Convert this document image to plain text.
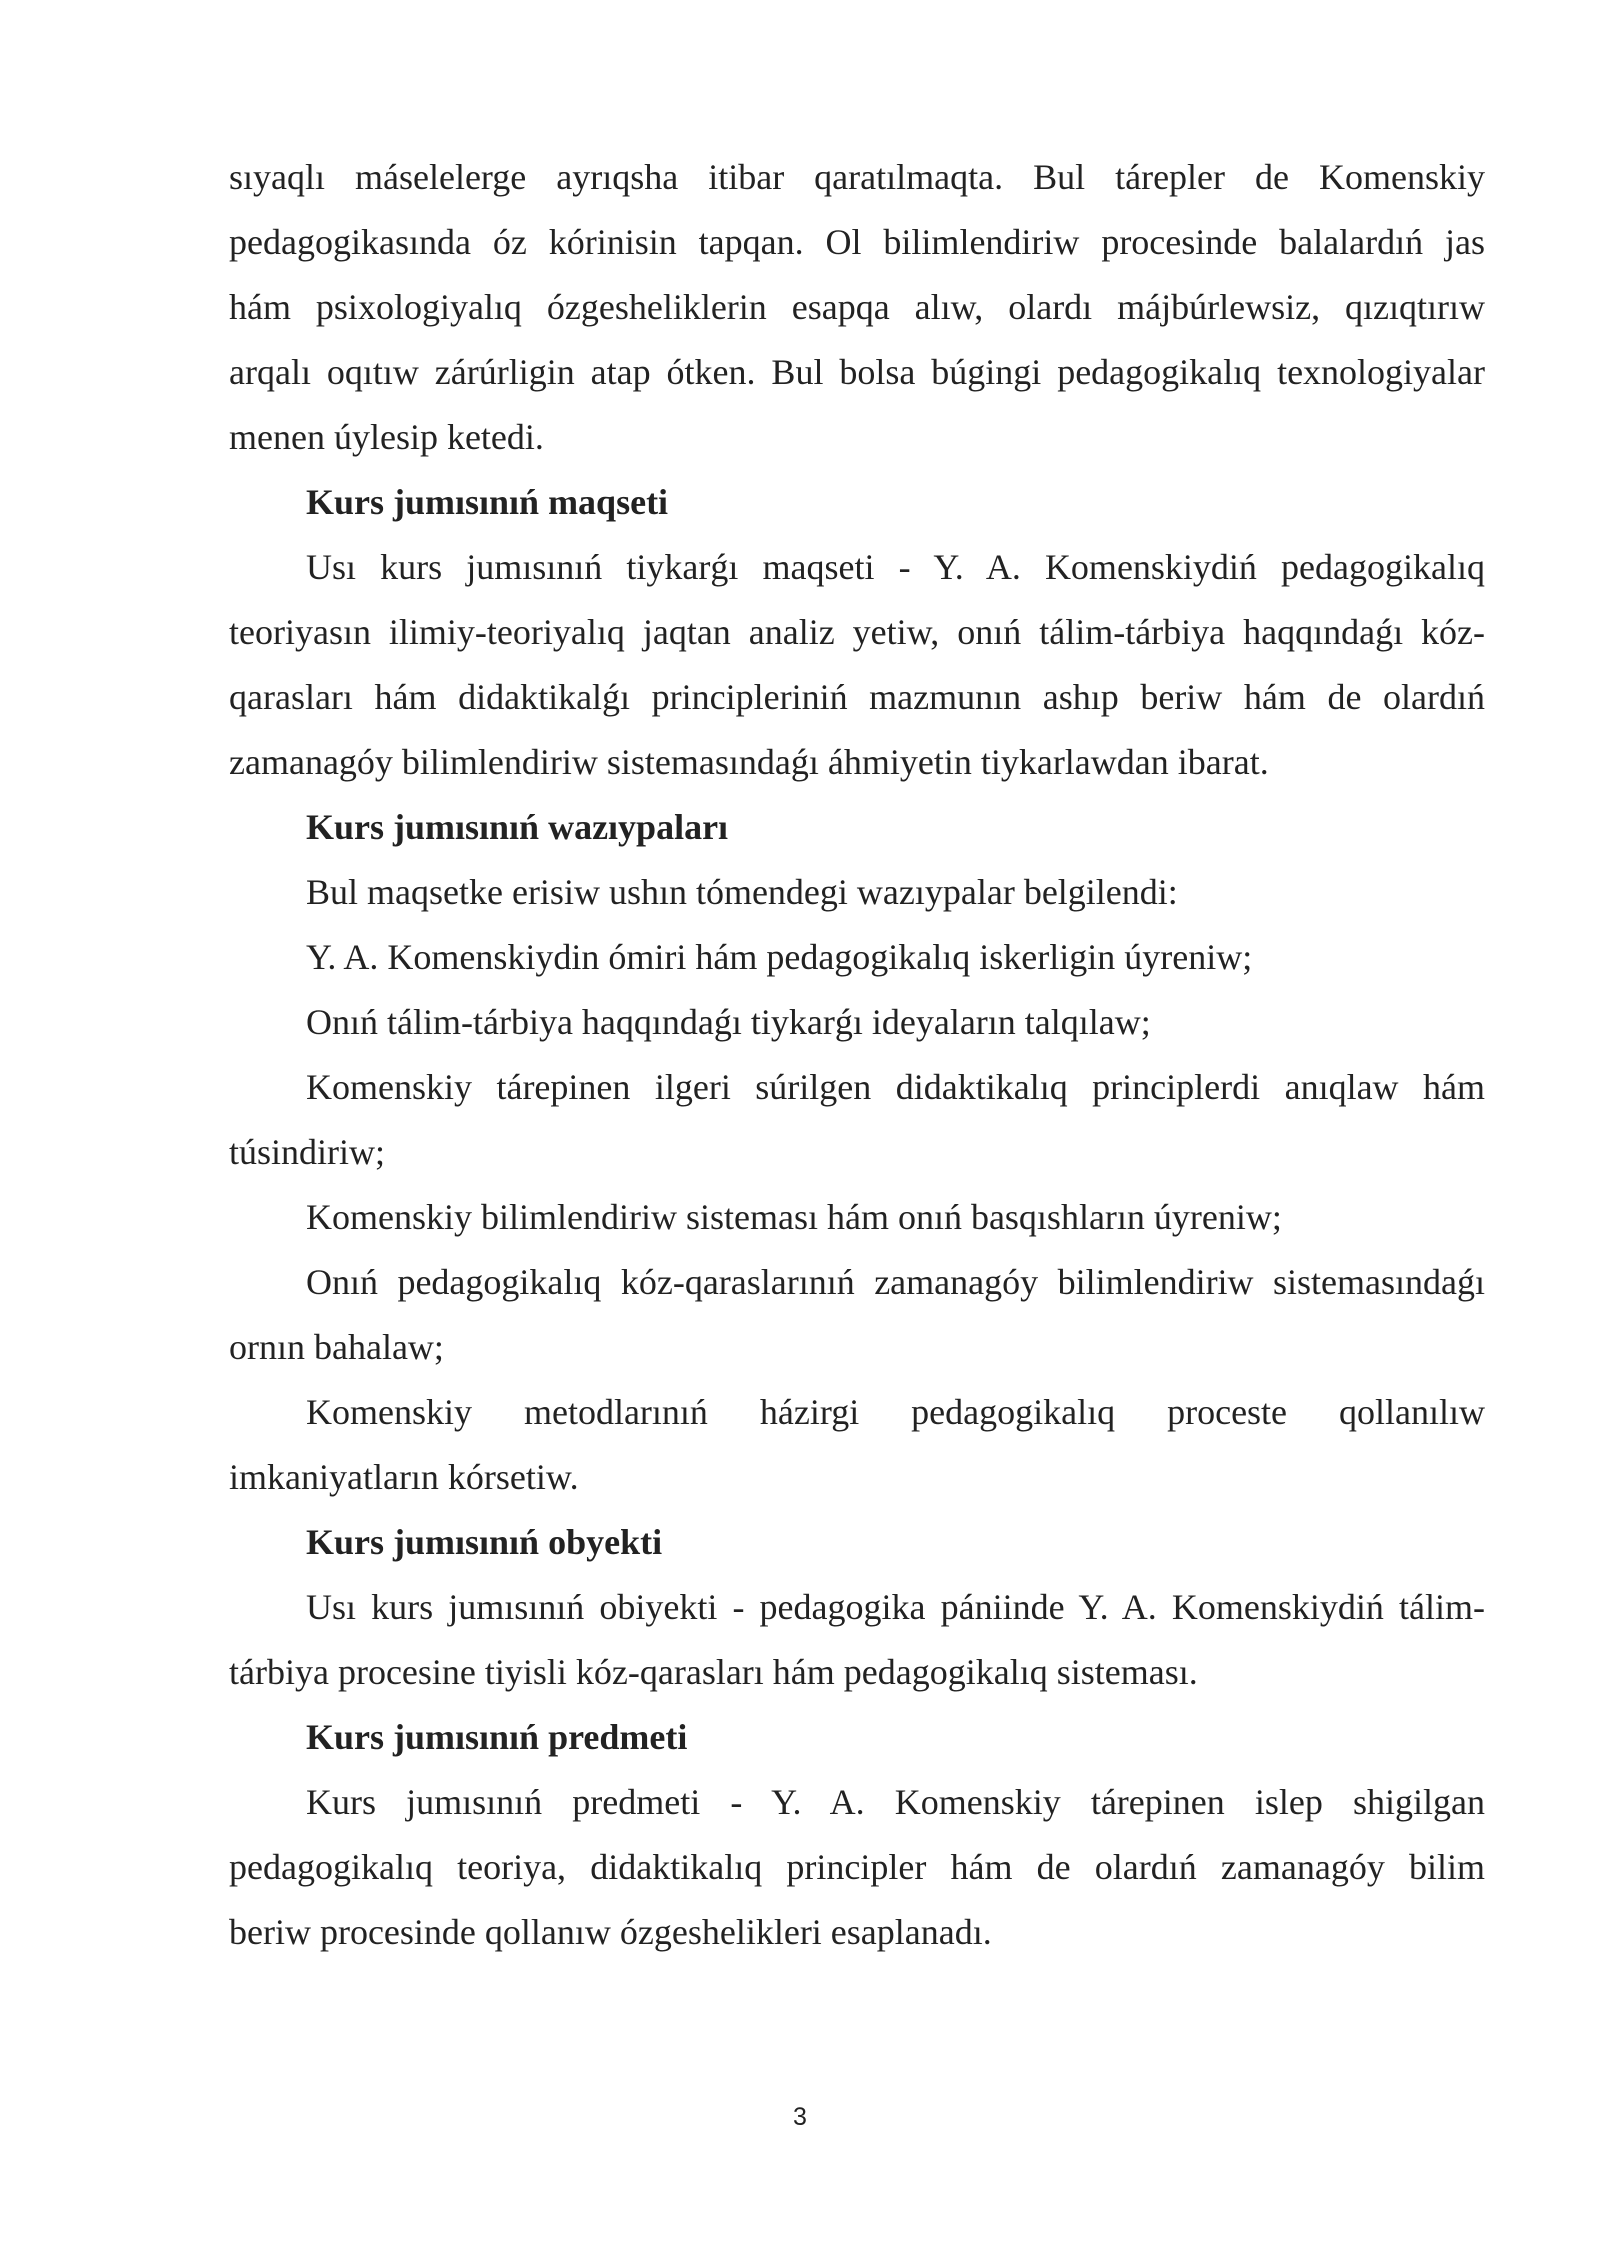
sıyaqlı máselelerge ayrıqsha itibar qaratılmaqta. Bul tárepler de Komenskiy
pedagogikasında óz kórinisin tapqan. Ol bilimlendiriw procesinde balalardıń jas
hám psixologiyalıq ózgesheliklerin esapqa alıw, olardı májbúrlewsiz, qızıqtırıw
arqalı oqıtıw zárúrligin atap ótken. Bul bolsa búgingi pedagogikalıq texnologiyalar
menen úylesip ketedi.
Kurs jumısınıń maqseti
Usı kurs jumısınıń tiykarǵı maqseti - Y. A. Komenskiydiń pedagogikalıq
teoriyasın ilimiy-teoriyalıq jaqtan analiz yetiw, onıń tálim-tárbiya haqqındaǵı kóz-
qarasları hám didaktikalǵı principleriniń mazmunın ashıp beriw hám de olardıń
zamanagóy bilimlendiriw sistemasındaǵı áhmiyetin tiykarlawdan ibarat.
Kurs jumısınıń wazıypaları
Bul maqsetke erisiw ushın tómendegi wazıypalar belgilendi:
Y. A. Komenskiydin ómiri hám pedagogikalıq iskerligin úyreniw;
Onıń tálim-tárbiya haqqındaǵı tiykarǵı ideyaların talqılaw;
Komenskiy tárepinen ilgeri súrilgen didaktikalıq principlerdi anıqlaw hám
túsindiriw;
Komenskiy bilimlendiriw sisteması hám onıń basqıshların úyreniw;
Onıń pedagogikalıq kóz-qaraslarınıń zamanagóy bilimlendiriw sistemasındaǵı
ornın bahalaw;
Komenskiy metodlarınıń házirgi pedagogikalıq proceste qollanılıw
imkaniyatların kórsetiw.
Kurs jumısınıń obyekti
Usı kurs jumısınıń obiyekti - pedagogika pániinde Y. A. Komenskiydiń tálim-
tárbiya procesine tiyisli kóz-qarasları hám pedagogikalıq sisteması.
Kurs jumısınıń predmeti
Kurs jumısınıń predmeti - Y. A. Komenskiy tárepinen islep shigilgan
pedagogikalıq teoriya, didaktikalıq principler hám de olardıń zamanagóy bilim
beriw procesinde qollanıw ózgeshelikleri esaplanadı.
3
